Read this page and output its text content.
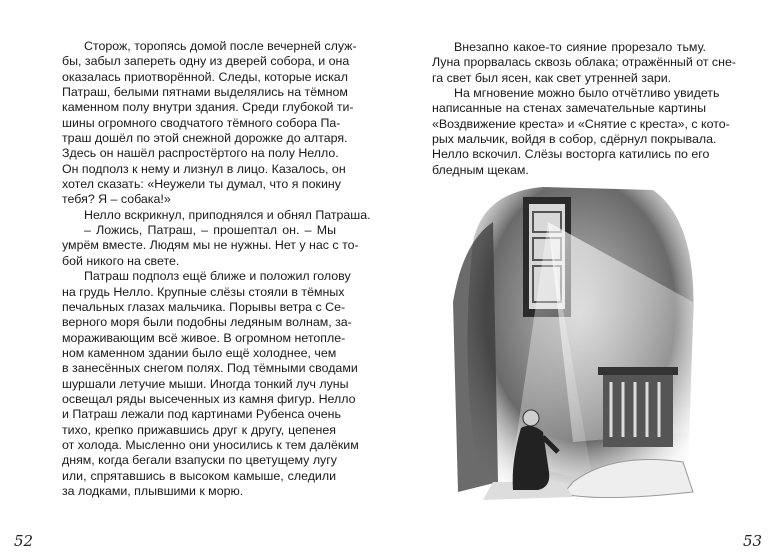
Сторож, торопясь домой после вечерней служ-
бы, забыл запереть одну из дверей собора, и она
оказалась приотворённой. Следы, которые искал
Патраш, белыми пятнами выделялись на тёмном
каменном полу внутри здания. Среди глубокой ти-
шины огромного сводчатого тёмного собора Па-
траш дошёл по этой снежной дорожке до алтаря.
Здесь он нашёл распростёртого на полу Нелло.
Он подполз к нему и лизнул в лицо. Казалось, он
хотел сказать: «Неужели ты думал, что я покину
тебя? Я – собака!»
Нелло вскрикнул, приподнялся и обнял Патраша.
– Ложись, Патраш, – прошептал он. – Мы
умрём вместе. Людям мы не нужны. Нет у нас с то-
бой никого на свете.
Патраш подполз ещё ближе и положил голову
на грудь Нелло. Крупные слёзы стояли в тёмных
печальных глазах мальчика. Порывы ветра с Се-
верного моря были подобны ледяным волнам, за-
мораживающим всё живое. В огромном нетопле-
ном каменном здании было ещё холоднее, чем
в занесённых снегом полях. Под тёмными сводами
шуршали летучие мыши. Иногда тонкий луч луны
освещал ряды высеченных из камня фигур. Нелло
и Патраш лежали под картинами Рубенса очень
тихо, крепко прижавшись друг к другу, цепенея
от холода. Мысленно они уносились к тем далёким
дням, когда бегали взапуски по цветущему лугу
или, спрятавшись в высоком камыше, следили
за лодками, плывшими к морю.
52
Внезапно какое-то сияние прорезало тьму.
Луна прорвалась сквозь облака; отражённый от сне-
га свет был ясен, как свет утренней зари.
На мгновение можно было отчётливо увидеть
написанные на стенах замечательные картины
«Воздвижение креста» и «Снятие с креста», с кото-
рых мальчик, войдя в собор, сдёрнул покрывала.
Нелло вскочил. Слёзы восторга катились по его
бледным щекам.
53
